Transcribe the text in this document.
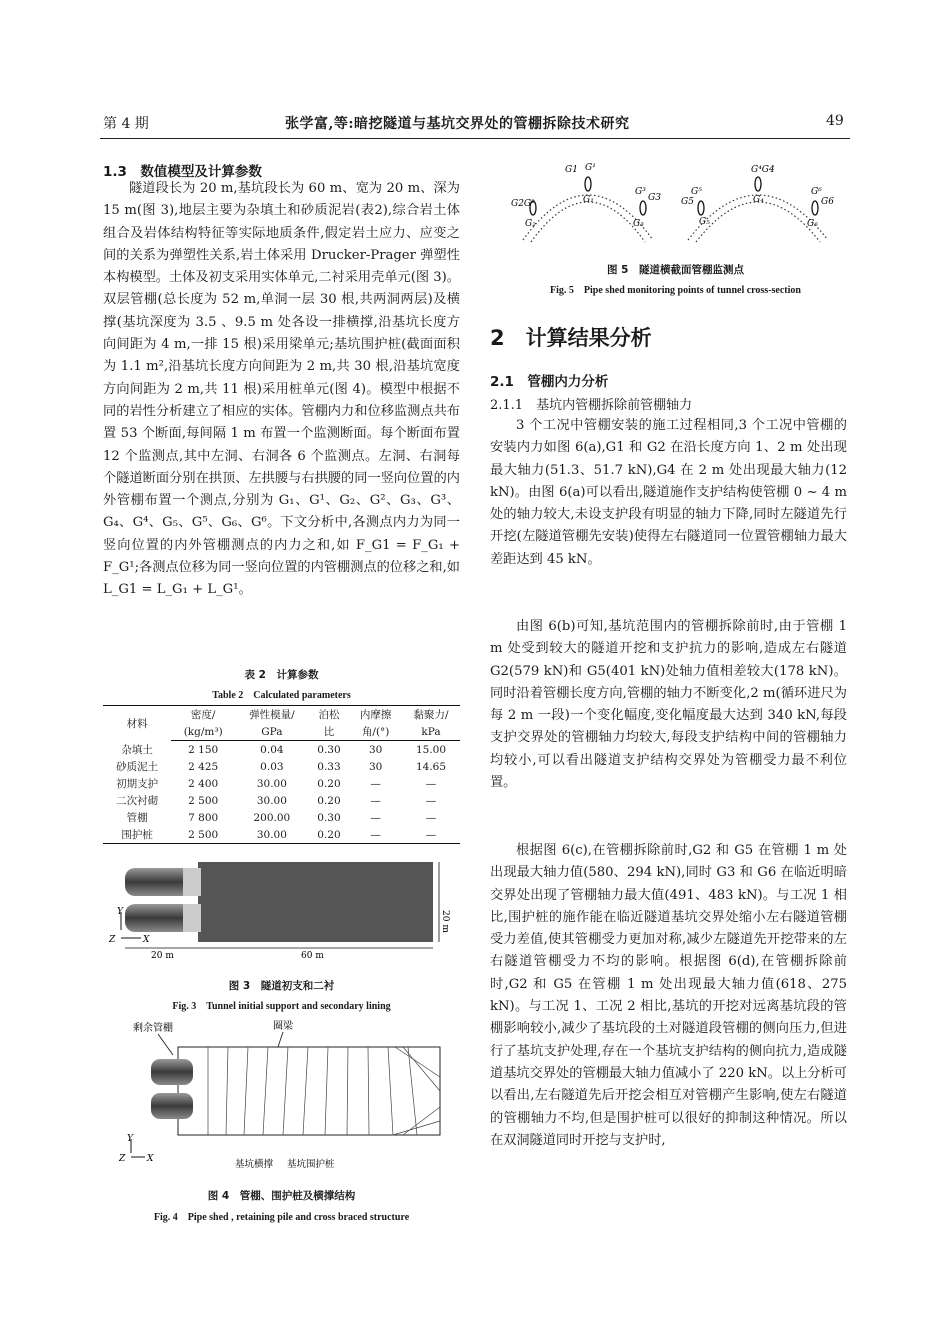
第 4 期	张学富,等:暗挖隧道与基坑交界处的管棚拆除技术研究	49
1.3　数值模型及计算参数

隧道段长为 20 m,基坑段长为 60 m、宽为 20 m、深为 15 m(图 3),地层主要为杂填土和砂质泥岩(表2),综合岩土体组合及岩体结构特征等实际地质条件,假定岩土应力、应变之间的关系为弹塑性关系,岩土体采用 Drucker-Prager 弹塑性本构模型。土体及初支采用实体单元,二衬采用壳单元(图 3)。双层管棚(总长度为 52 m,单洞一层 30 根,共两洞两层)及横撑(基坑深度为 3.5 、9.5 m 处各设一排横撑,沿基坑长度方向间距为 4 m,一排 15 根)采用梁单元;基坑围护桩(截面面积为 1.1 m²,沿基坑长度方向间距为 2 m,共 30 根,沿基坑宽度方向间距为 2 m,共 11 根)采用桩单元(图 4)。模型中根据不同的岩性分析建立了相应的实体。管棚内力和位移监测点共布置 53 个断面,每间隔 1 m 布置一个监测断面。每个断面布置 12 个监测点,其中左洞、右洞各 6 个监测点。左洞、右洞每个隧道断面分别在拱顶、左拱腰与右拱腰的同一竖向位置的内外管棚布置一个测点,分别为 G₁、G¹、G₂、G²、G₃、G³、G₄、G⁴、G₅、G⁵、G₆、G⁶。下文分析中,各测点内力为同一竖向位置的内外管棚测点的内力之和,如 F_G1 = F_G₁ + F_G¹;各测点位移为同一竖向位置的内管棚测点的位移之和,如 L_G1 = L_G₁ + L_G¹。

表 2　计算参数
Table 2　Calculated parameters
材料	密度/	弹性模量/	泊松	内摩擦	黏聚力/
	(kg/m³)	GPa	比	角/(°)	kPa
杂填土	2 150	0.04	0.30	30	15.00
砂质泥土	2 425	0.03	0.33	30	14.65
初期支护	2 400	30.00	0.20	—	—
二次衬砌	2 500	30.00	0.20	—	—
管棚	7 800	200.00	0.30	—	—
围护桩	2 500	30.00	0.20	—	—
Y
Z	X
20 m	60 m
20 m
图 3　隧道初支和二衬
Fig. 3　Tunnel initial support and secondary lining
剩余管棚	圈梁
Y
Z X	基坑横撑 基坑围护桩
图 4　管棚、围护桩及横撑结构
Fig. 4　Pipe shed , retaining pile and cross braced structure
G1 G¹
G2G²	G₁
G³
G3
G₂	G₃
G⁴G4
G⁵
G5
G⁶
G6
G₄
G₅	G₆
图 5　隧道横截面管棚监测点
Fig. 5　Pipe shed monitoring points of tunnel cross-section
2　计算结果分析
2.1　管棚内力分析
2.1.1　基坑内管棚拆除前管棚轴力

3 个工况中管棚安装的施工过程相同,3 个工况中管棚的安装内力如图 6(a),G1 和 G2 在沿长度方向 1、2 m 处出现最大轴力(51.3、51.7 kN),G4 在 2 m 处出现最大轴力(12 kN)。由图 6(a)可以看出,隧道施作支护结构使管棚 0 ~ 4 m 处的轴力较大,未设支护段有明显的轴力下降,同时左隧道先行开挖(左隧道管棚先安装)使得左右隧道同一位置管棚轴力最大差距达到 45 kN。

由图 6(b)可知,基坑范围内的管棚拆除前时,由于管棚 1 m 处受到较大的隧道开挖和支护抗力的影响,造成左右隧道 G2(579 kN)和 G5(401 kN)处轴力值相差较大(178 kN)。同时沿着管棚长度方向,管棚的轴力不断变化,2 m(循环进尺为每 2 m 一段)一个变化幅度,变化幅度最大达到 340 kN,每段支护交界处的管棚轴力均较大,每段支护结构中间的管棚轴力均较小,可以看出隧道支护结构交界处为管棚受力最不利位置。

根据图 6(c),在管棚拆除前时,G2 和 G5 在管棚 1 m 处出现最大轴力值(580、294 kN),同时 G3 和 G6 在临近明暗交界处出现了管棚轴力最大值(491、483 kN)。与工况 1 相比,围护桩的施作能在临近隧道基坑交界处缩小左右隧道管棚受力差值,使其管棚受力更加对称,减少左隧道先开挖带来的左右隧道管棚受力不均的影响。根据图 6(d),在管棚拆除前时,G2 和 G5 在管棚 1 m 处出现最大轴力值(618、275 kN)。与工况 1、工况 2 相比,基坑的开挖对远离基坑段的管棚影响较小,减少了基坑段的土对隧道段管棚的侧向压力,但进行了基坑支护处理,存在一个基坑支护结构的侧向抗力,造成隧道基坑交界处的管棚最大轴力值减小了 220 kN。以上分析可以看出,左右隧道先后开挖会相互对管棚产生影响,使左右隧道的管棚轴力不均,但是围护桩可以很好的抑制这种情况。所以在双洞隧道同时开挖与支护时,
